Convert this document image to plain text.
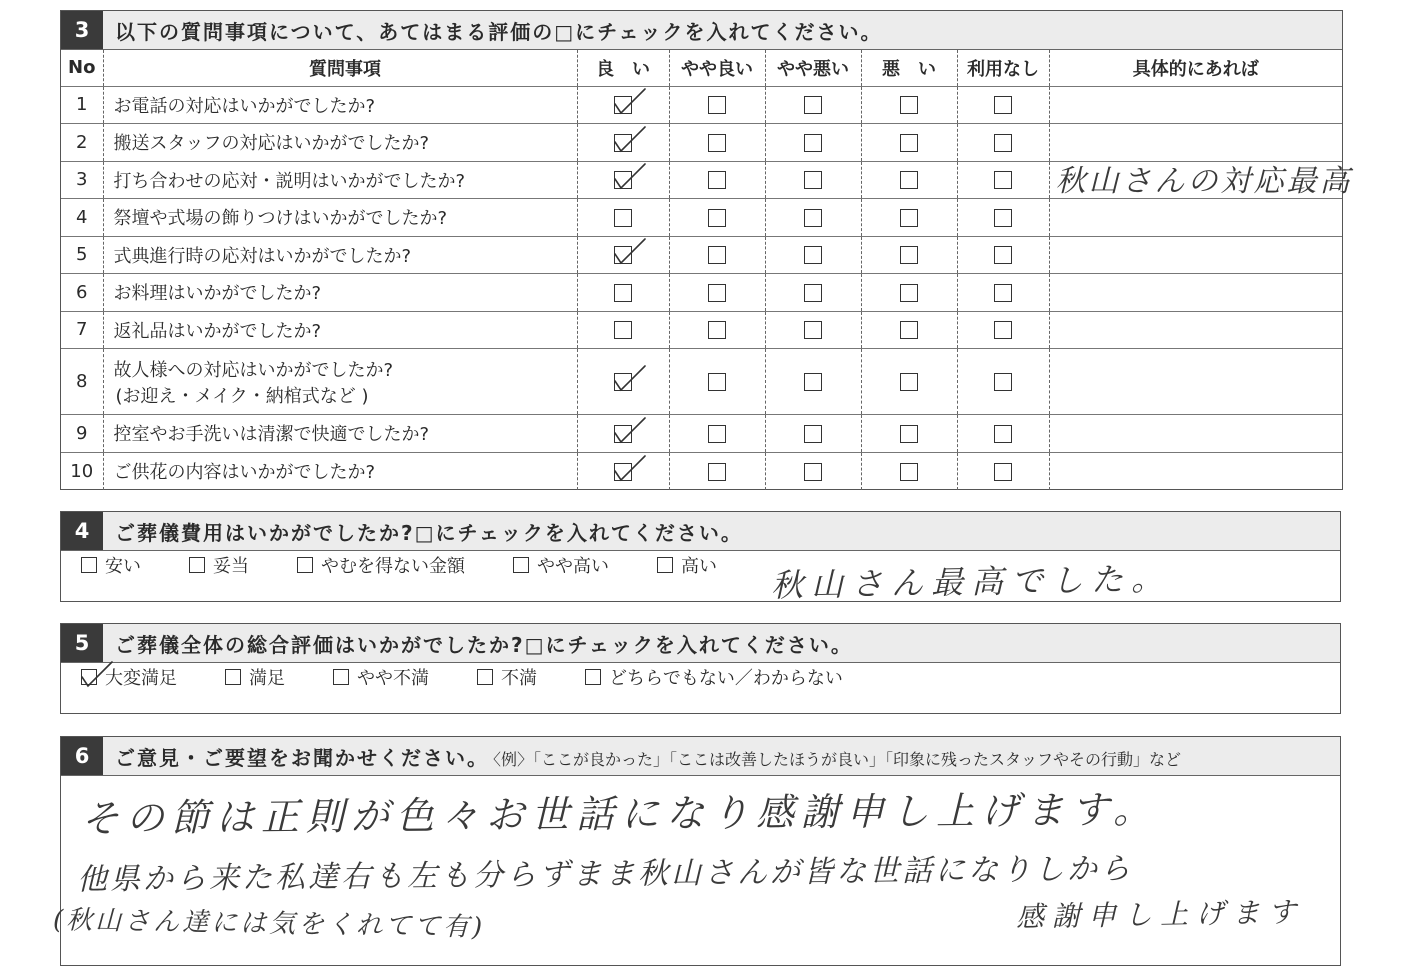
3	以下の質問事項について、あてはまる評価の□にチェックを入れてください。
No	質問事項	良　い	やや良い	やや悪い	悪　い	利用なし	具体的にあれば
1	お電話の対応はいかがでしたか?

2	搬送スタッフの対応はいかがでしたか?

3	打ち合わせの応対・説明はいかがでしたか?						秋山さんの対応最高

4	祭壇や式場の飾りつけはいかがでしたか?						

5	式典進行時の応対はいかがでしたか?

6	お料理はいかがでしたか?						

7	返礼品はいかがでしたか?						

8	故人様への対応はいかがでしたか?
(お迎え・メイク・納棺式など )

9	控室やお手洗いは清潔で快適でしたか?

10	ご供花の内容はいかがでしたか?

4	ご葬儀費用はいかがでしたか?□にチェックを入れてください。
安い	妥当	やむを得ない金額	やや高い	高い 秋山さん最高でした。
5	ご葬儀全体の総合評価はいかがでしたか?□にチェックを入れてください。
大変満足	満足	やや不満	不満	どちらでもない／わからない
6	ご意見・ご要望をお聞かせください。 〈例〉「ここが良かった」「ここは改善したほうが良い」「印象に残ったスタッフやその行動」など
その節は正則が色々お世話になり感謝申し上げます。
他県から来た私達右も左も分らずまま秋山さんが皆な世話になりしから
(秋山さん達には気をくれてて有)	感謝申し上げます
